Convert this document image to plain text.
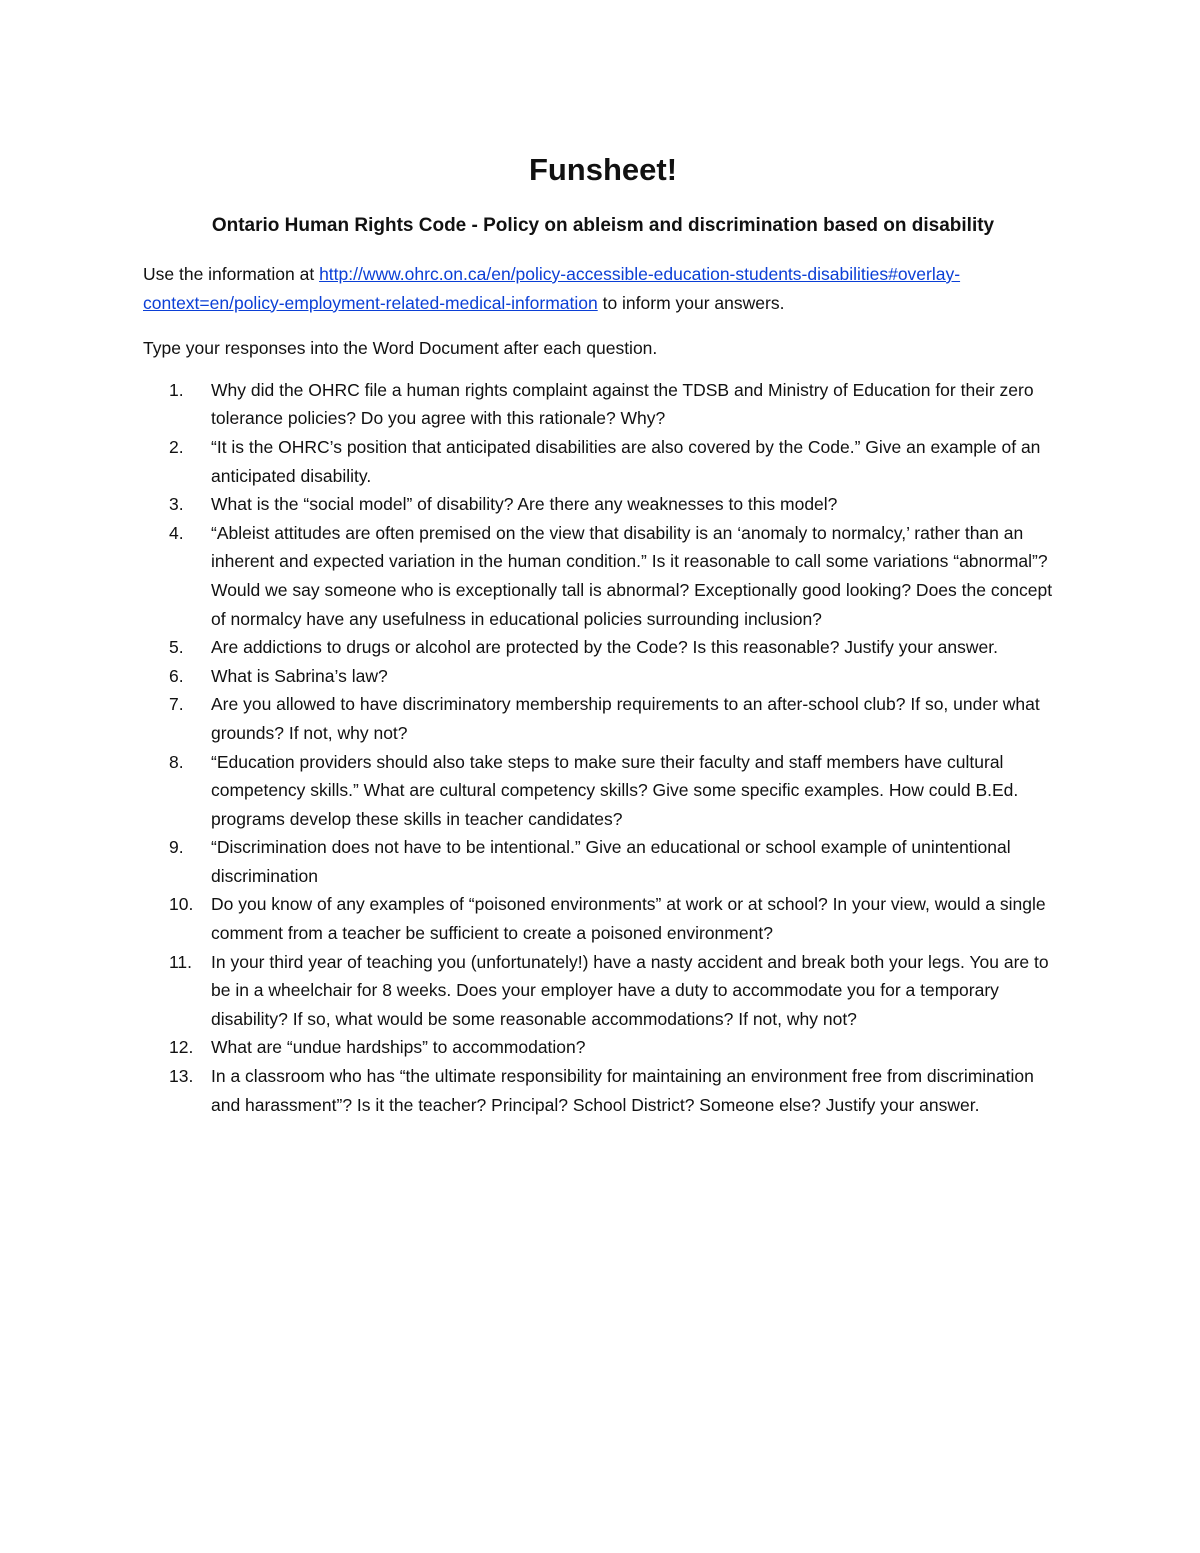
Funsheet!
Ontario Human Rights Code - Policy on ableism and discrimination based on disability

Use the information at http://www.ohrc.on.ca/en/policy-accessible-education-students-disabilities#overlay-context=en/policy-employment-related-medical-information to inform your answers.

Type your responses into the Word Document after each question.

1.	Why did the OHRC file a human rights complaint against the TDSB and Ministry of Education for their zero tolerance policies? Do you agree with this rationale? Why?
2.	“It is the OHRC’s position that anticipated disabilities are also covered by the Code.” Give an example of an anticipated disability.
3.	What is the “social model” of disability? Are there any weaknesses to this model?
4.	“Ableist attitudes are often premised on the view that disability is an ‘anomaly to normalcy,’ rather than an inherent and expected variation in the human condition.” Is it reasonable to call some variations “abnormal”? Would we say someone who is exceptionally tall is abnormal? Exceptionally good looking? Does the concept of normalcy have any usefulness in educational policies surrounding inclusion?
5.	Are addictions to drugs or alcohol are protected by the Code? Is this reasonable? Justify your answer.
6.	What is Sabrina’s law?
7.	Are you allowed to have discriminatory membership requirements to an after-school club? If so, under what grounds? If not, why not?
8.	“Education providers should also take steps to make sure their faculty and staff members have cultural competency skills.” What are cultural competency skills? Give some specific examples. How could B.Ed. programs develop these skills in teacher candidates?
9.	“Discrimination does not have to be intentional.” Give an educational or school example of unintentional discrimination
10.	Do you know of any examples of “poisoned environments” at work or at school? In your view, would a single comment from a teacher be sufficient to create a poisoned environment?
11.	In your third year of teaching you (unfortunately!) have a nasty accident and break both your legs. You are to be in a wheelchair for 8 weeks. Does your employer have a duty to accommodate you for a temporary disability? If so, what would be some reasonable accommodations? If not, why not?
12.	What are “undue hardships” to accommodation?
13.	In a classroom who has “the ultimate responsibility for maintaining an environment free from discrimination and harassment”? Is it the teacher? Principal? School District? Someone else? Justify your answer.
